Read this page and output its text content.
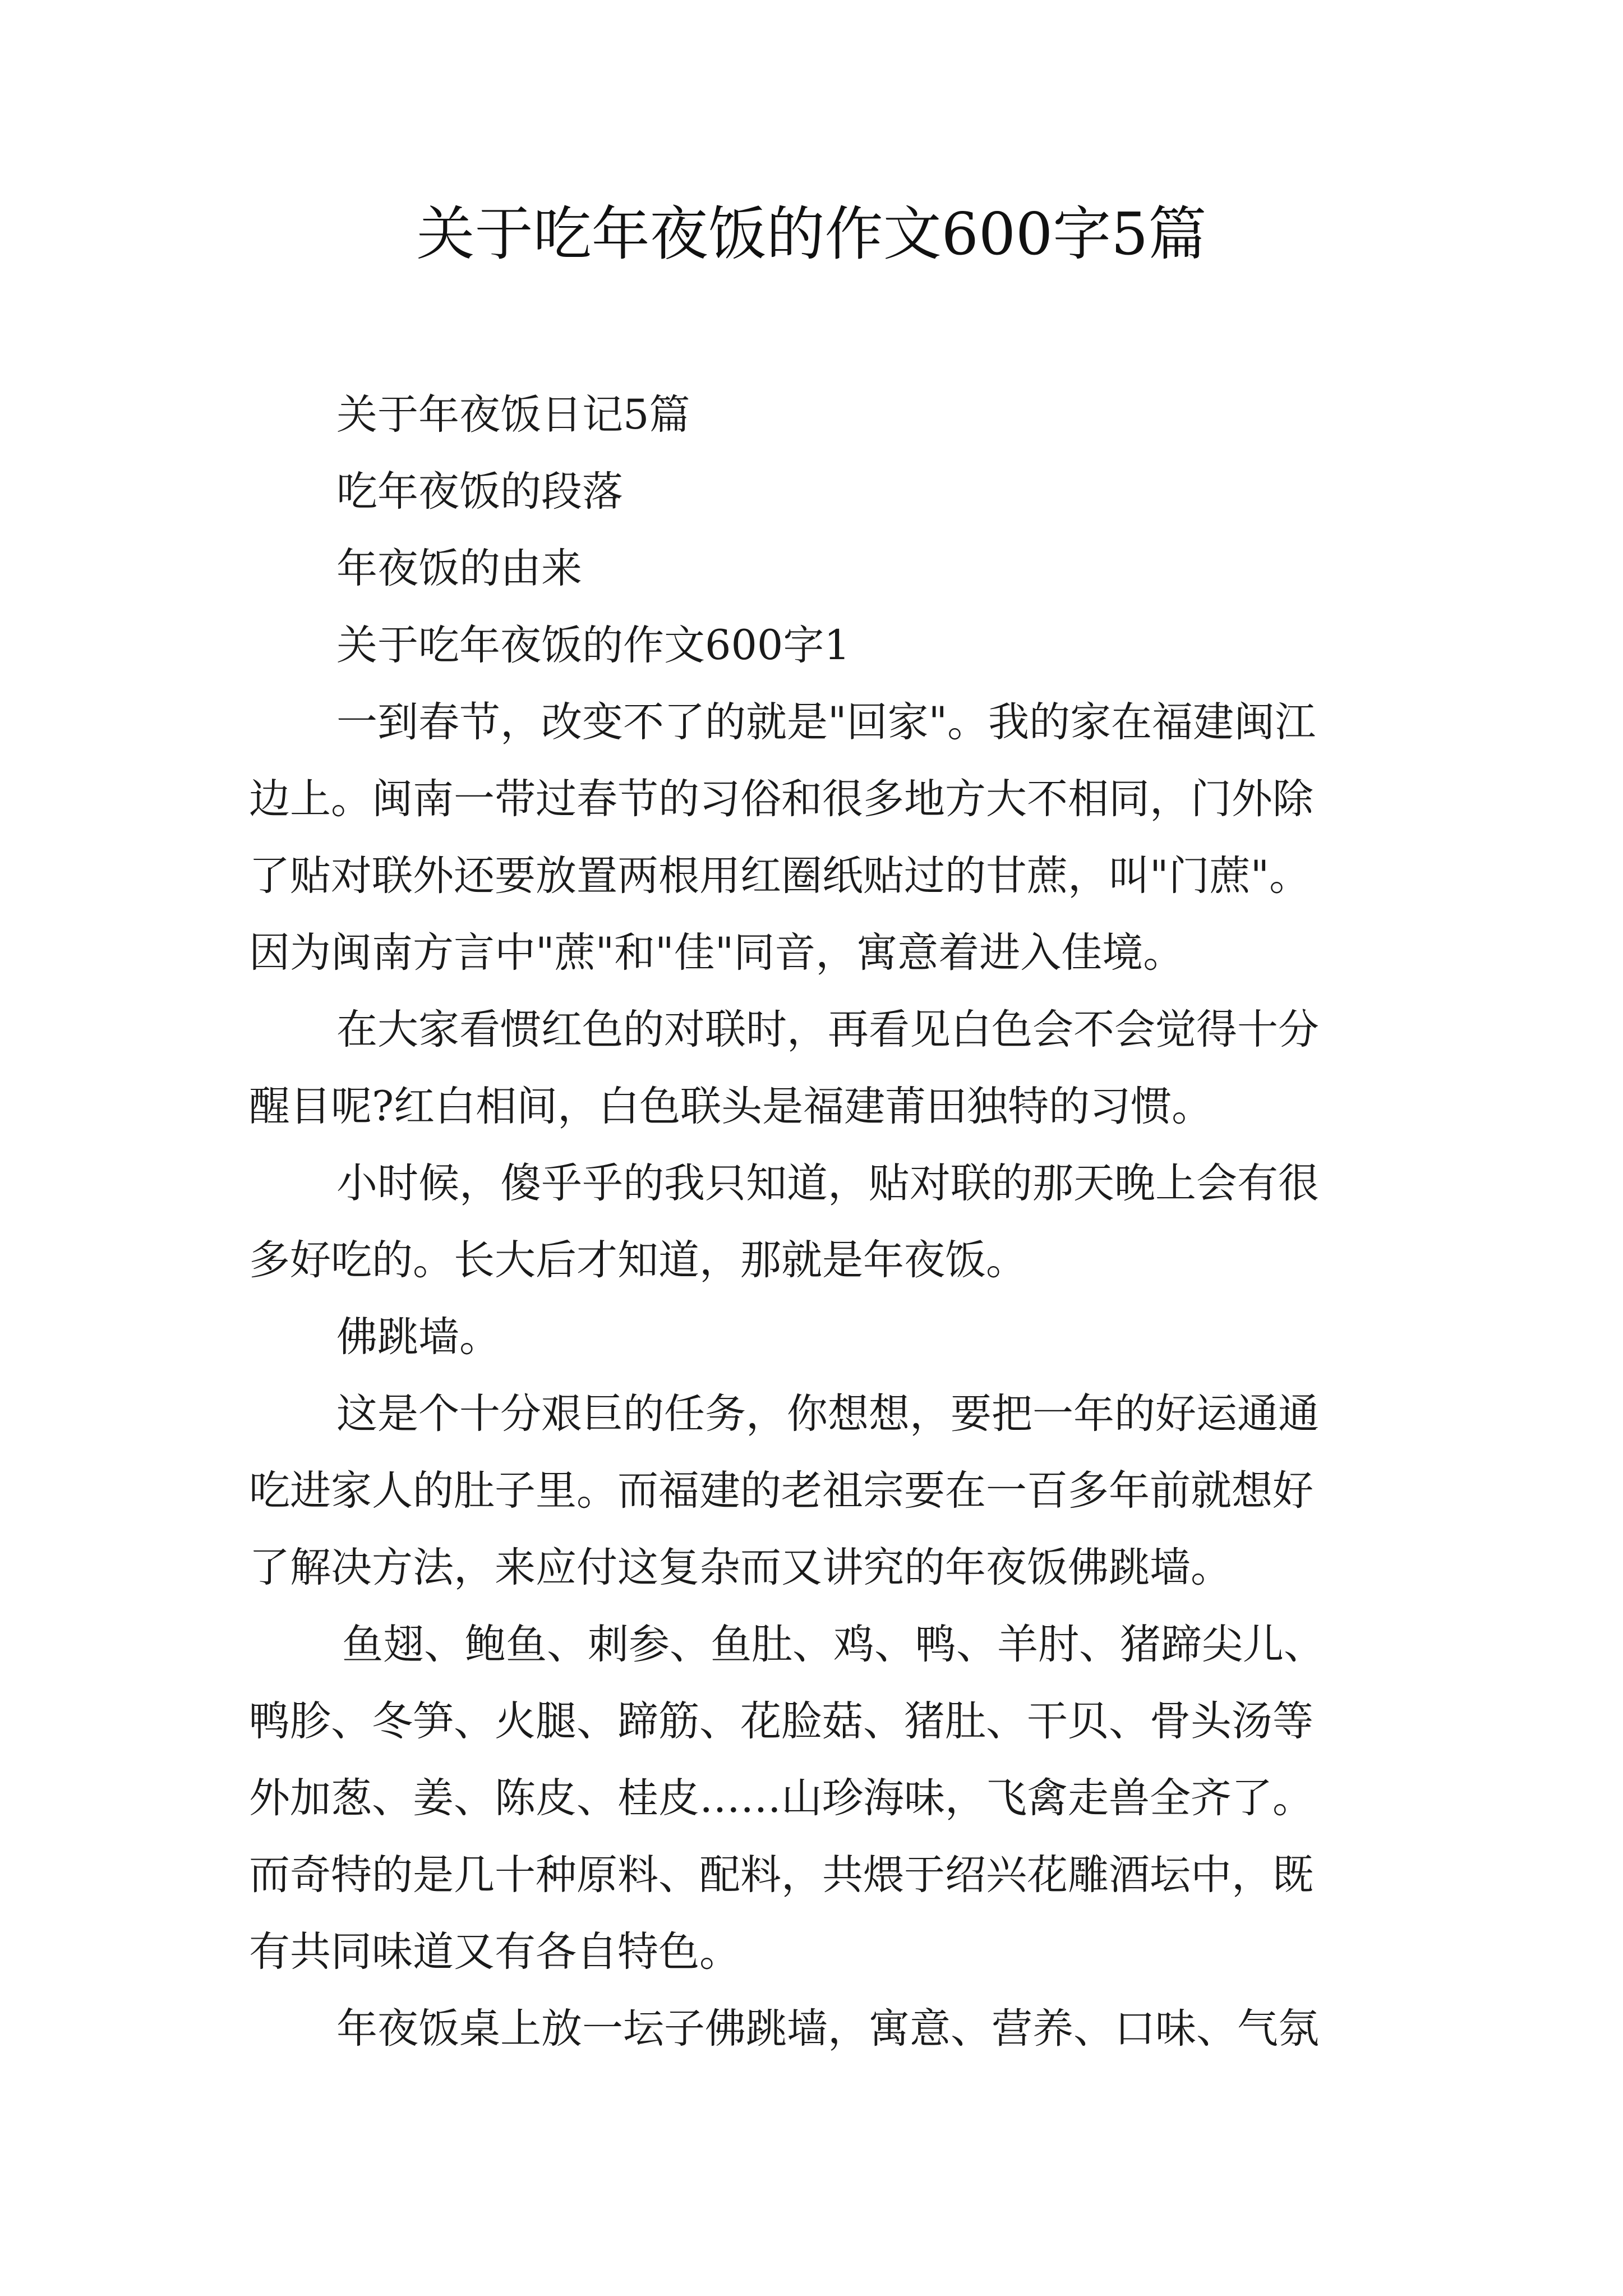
关于吃年夜饭的作文600字5篇
关于年夜饭日记5篇
吃年夜饭的段落
年夜饭的由来
关于吃年夜饭的作文600字1
一到春节，改变不了的就是"回家"。我的家在福建闽江
边上。闽南一带过春节的习俗和很多地方大不相同，门外除
了贴对联外还要放置两根用红圈纸贴过的甘蔗，叫"门蔗"。
因为闽南方言中"蔗"和"佳"同音，寓意着进入佳境。
在大家看惯红色的对联时，再看见白色会不会觉得十分
醒目呢?红白相间，白色联头是福建莆田独特的习惯。
小时候，傻乎乎的我只知道，贴对联的那天晚上会有很
多好吃的。长大后才知道，那就是年夜饭。
佛跳墙。
这是个十分艰巨的任务，你想想，要把一年的好运通通
吃进家人的肚子里。而福建的老祖宗要在一百多年前就想好
了解决方法，来应付这复杂而又讲究的年夜饭佛跳墙。
鱼翅、鲍鱼、刺参、鱼肚、鸡、鸭、羊肘、猪蹄尖儿、
鸭胗、冬笋、火腿、蹄筋、花脸菇、猪肚、干贝、骨头汤等
外加葱、姜、陈皮、桂皮……山珍海味，飞禽走兽全齐了。
而奇特的是几十种原料、配料，共煨于绍兴花雕酒坛中，既
有共同味道又有各自特色。
年夜饭桌上放一坛子佛跳墙，寓意、营养、口味、气氛
